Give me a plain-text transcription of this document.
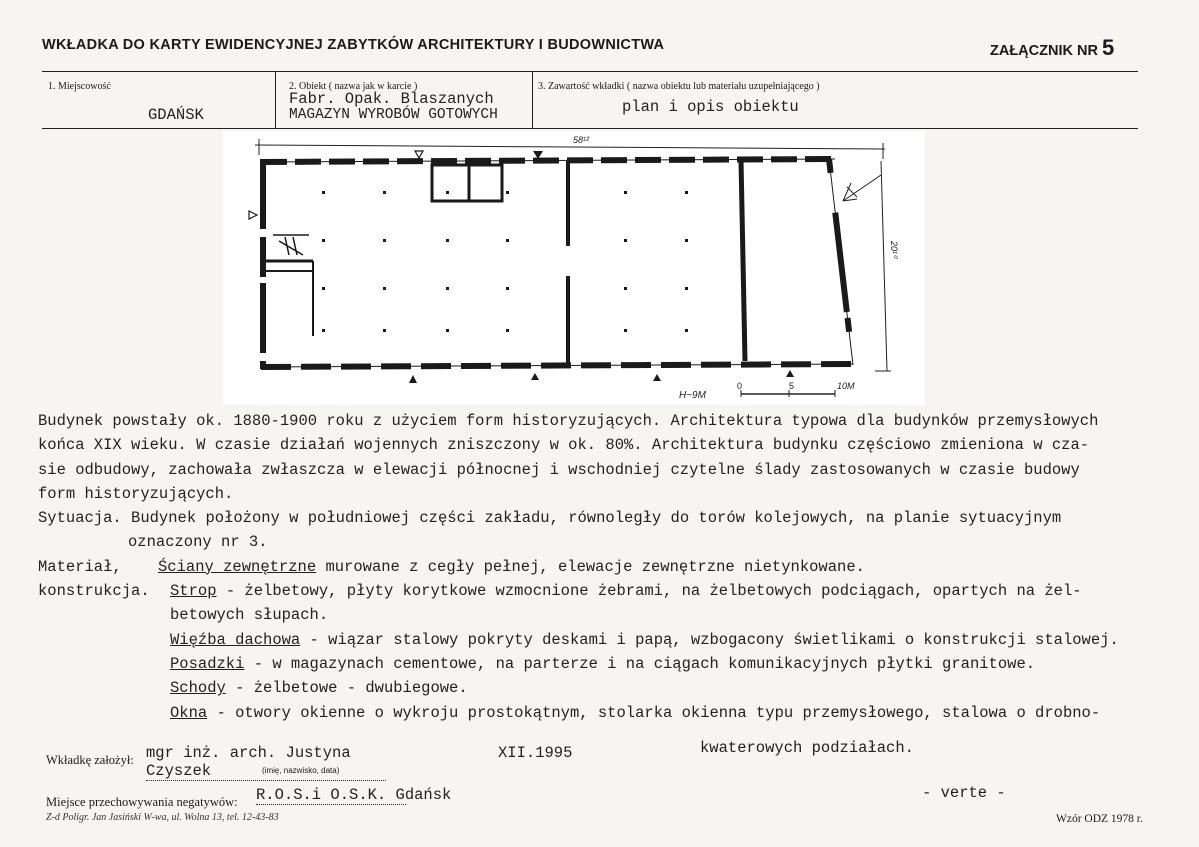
WKŁADKA DO KARTY EWIDENCYJNEJ ZABYTKÓW ARCHITEKTURY I BUDOWNICTWA	ZAŁĄCZNIK NR 5
1. Miejscowość
GDAŃSK
2. Obiekt ( nazwa jak w karcie )
Fabr. Opak. Blaszanych
MAGAZYN WYROBÓW GOTOWYCH
3. Zawartość wkładki ( nazwa obiektu lub materiału uzupełniającego )
plan i opis obiektu
58¹²
20¹⁰
0	5	10M
H~9M
Budynek powstały ok. 1880-1900 roku z użyciem form historyzujących. Architektura typowa dla budynków przemysłowych
końca XIX wieku. W czasie działań wojennych zniszczony w ok. 80%. Architektura budynku częściowo zmieniona w cza-
sie odbudowy, zachowała zwłaszcza w elewacji północnej i wschodniej czytelne ślady zastosowanych w czasie budowy
form historyzujących.
Sytuacja. Budynek położony w południowej części zakładu, równoległy do torów kolejowych, na planie sytuacyjnym
oznaczony nr 3.
Materiał, Ściany zewnętrzne murowane z cegły pełnej, elewacje zewnętrzne nietynkowane.
konstrukcja. Strop - żelbetowy, płyty korytkowe wzmocnione żebrami, na żelbetowych podciągach, opartych na żel-
betowych słupach.
Więźba dachowa - wiązar stalowy pokryty deskami i papą, wzbogacony świetlikami o konstrukcji stalowej.
Posadzki - w magazynach cementowe, na parterze i na ciągach komunikacyjnych płytki granitowe.
Schody - żelbetowe - dwubiegowe.
Okna - otwory okienne o wykroju prostokątnym, stolarka okienna typu przemysłowego, stalowa o drobno-
kwaterowych podziałach.
Wkładkę założył: mgr inż. arch. Justyna Czyszek
XII.1995
(imię, nazwisko, data)
Miejsce przechowywania negatywów: R.O.S.i O.S.K. Gdańsk	- verte -
Z-d Poligr. Jan Jasiński W-wa, ul. Wolna 13, tel. 12-43-83	Wzór ODZ 1978 r.
